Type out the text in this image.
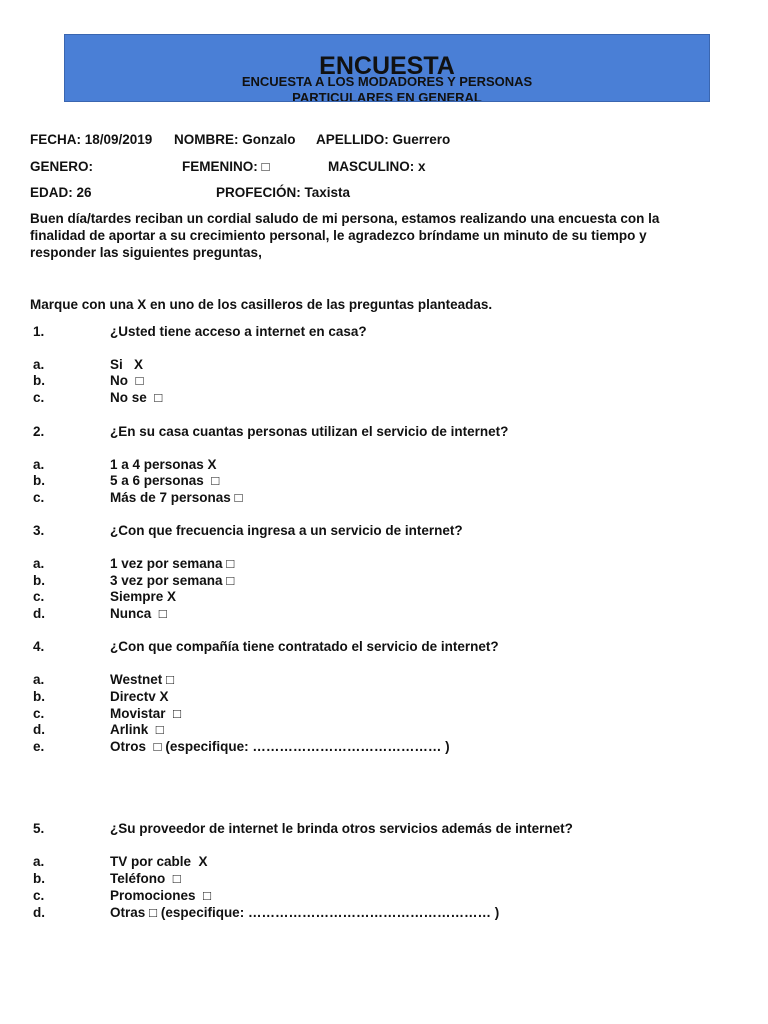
ENCUESTA
ENCUESTA A LOS MODADORES Y PERSONAS
PARTICULARES EN GENERAL
FECHA: 18/09/2019 NOMBRE: Gonzalo APELLIDO: Guerrero
GENERO:	FEMENINO: □	MASCULINO: x
EDAD: 26	PROFECIÓN: Taxista
Buen día/tardes reciban un cordial saludo de mi persona, estamos realizando una encuesta con la finalidad de aportar a su crecimiento personal, le agradezco bríndame un minuto de su tiempo y responder las siguientes preguntas,
Marque con una X en uno de los casilleros de las preguntas planteadas.
1.	¿Usted tiene acceso a internet en casa?
a.	Si   X
b.	No  □
c.	No se  □
2.	¿En su casa cuantas personas utilizan el servicio de internet?
a.	1 a 4 personas X
b.	5 a 6 personas  □
c.	Más de 7 personas □
3.	¿Con que frecuencia ingresa a un servicio de internet?
a.	1 vez por semana □
b.	3 vez por semana □
c.	Siempre X
d.	Nunca  □
4.	¿Con que compañía tiene contratado el servicio de internet?
a.	Westnet □
b.	Directv X
c.	Movistar  □
d.	Arlink  □
e.	Otros  □ (especifique: …………………………………… )
5.	¿Su proveedor de internet le brinda otros servicios además de internet?
a.	TV por cable  X
b.	Teléfono  □
c.	Promociones  □
d.	Otras □ (especifique: ……………………………………………… )
